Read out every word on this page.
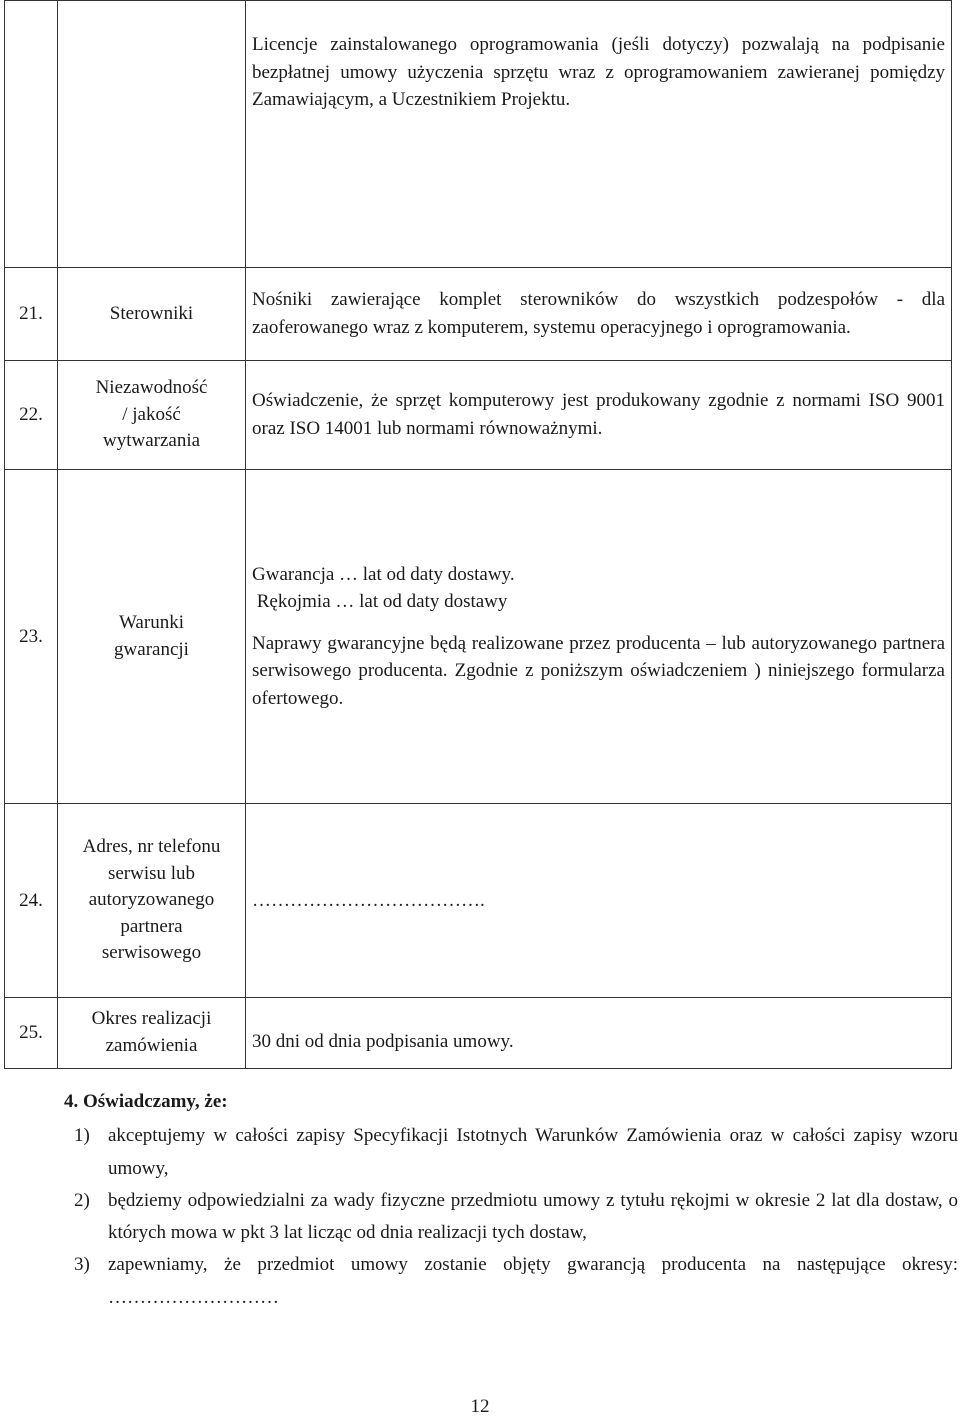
		Licencje zainstalowanego oprogramowania (jeśli dotyczy) pozwalają na podpisanie bezpłatnej umowy użyczenia sprzętu wraz z oprogramowaniem zawieranej pomiędzy Zamawiającym, a Uczestnikiem Projektu.

21.	Sterowniki	Nośniki zawierające komplet sterowników do wszystkich podzespołów - dla zaoferowanego wraz z komputerem, systemu operacyjnego i oprogramowania.

22.	Niezawodność / jakość wytwarzania	Oświadczenie, że sprzęt komputerowy jest produkowany zgodnie z normami ISO 9001 oraz ISO 14001 lub normami równoważnymi.

23.	Warunki gwarancji	Gwarancja … lat od daty dostawy.
Rękojmia … lat od daty dostawy
Naprawy gwarancyjne będą realizowane przez producenta – lub autoryzowanego partnera serwisowego producenta. Zgodnie z poniższym oświadczeniem ) niniejszego formularza ofertowego.

24.	Adres, nr telefonu serwisu lub autoryzowanego partnera serwisowego	……………………………….

25.	Okres realizacji zamówienia	30 dni od dnia podpisania umowy.
4. Oświadczamy, że:
1) akceptujemy w całości zapisy Specyfikacji Istotnych Warunków Zamówienia oraz w całości zapisy wzoru umowy,
2) będziemy odpowiedzialni za wady fizyczne przedmiotu umowy z tytułu rękojmi w okresie 2 lat dla dostaw, o których mowa w pkt 3 lat licząc od dnia realizacji tych dostaw,
3) zapewniamy, że przedmiot umowy zostanie objęty gwarancją producenta na następujące okresy: ………………………
12
